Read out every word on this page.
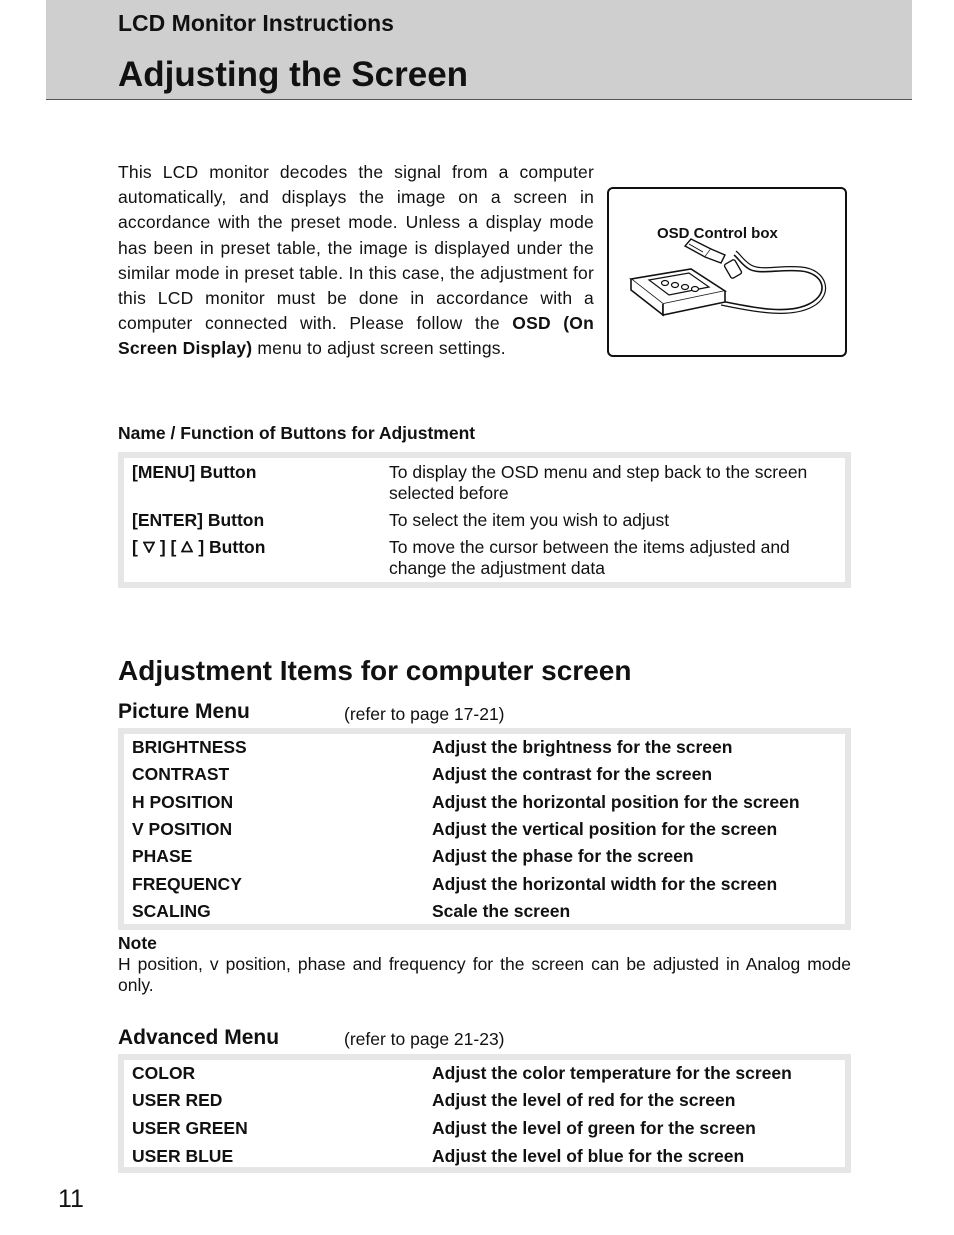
LCD Monitor Instructions
Adjusting the Screen
This LCD monitor decodes the signal from a computer automatically, and displays the image on a screen in accordance with the preset mode. Unless a display mode has been in preset table, the image is displayed under the similar mode in preset table. In this case, the adjustment for this LCD monitor must be done in accordance with a computer connected with. Please follow the OSD (On Screen Display) menu to adjust screen settings.
OSD Control box
Name / Function of Buttons for Adjustment
[MENU] Button	To display the OSD menu and step back to the screen selected before
[ENTER] Button	To select the item you wish to adjust
[ ] [ ] Button	To move the cursor between the items adjusted and change the adjustment data
Adjustment Items for computer screen
Picture Menu	(refer to page 17-21)
BRIGHTNESS	Adjust the brightness for the screen
CONTRAST	Adjust the contrast for the screen
H POSITION	Adjust the horizontal position for the screen
V POSITION	Adjust the vertical position for the screen
PHASE	Adjust the phase for the screen
FREQUENCY	Adjust the horizontal width for the screen
SCALING	Scale the screen
Note
H position, v position, phase and frequency for the screen can be adjusted in Analog mode only.
Advanced Menu	(refer to page 21-23)
COLOR	Adjust the color temperature for the screen
USER RED	Adjust the level of red for the screen
USER GREEN	Adjust the level of green for the screen
USER BLUE	Adjust the level of blue for the screen
11
